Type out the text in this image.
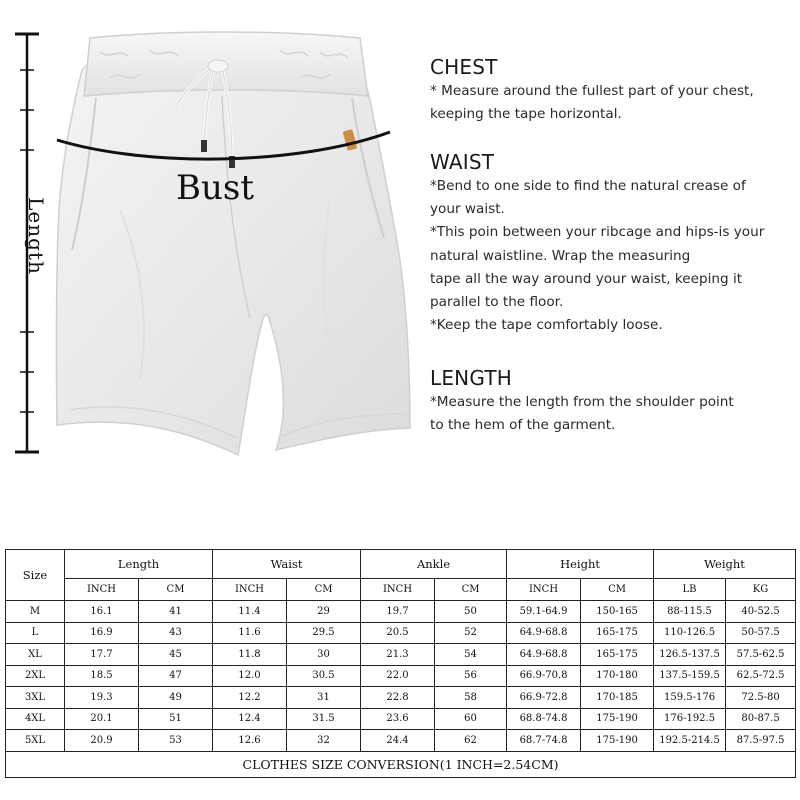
Length
Bust
CHEST
* Measure around the fullest part of your chest,
keeping the tape horizontal.
WAIST
*Bend to one side to find the natural crease of
your waist.
*This poin between your ribcage and hips-is your
natural waistline. Wrap the measuring
tape all the way around your waist, keeping it
parallel to the floor.
*Keep the tape comfortably loose.
LENGTH
*Measure the length from the shoulder point
to the hem of the garment.
Size	Length		Waist		Ankle		Height		Weight	
	INCH	CM	INCH	CM	INCH	CM	INCH	CM	LB	KG
M	16.1	41	11.4	29	19.7	50	59.1-64.9	150-165	88-115.5	40-52.5
L	16.9	43	11.6	29.5	20.5	52	64.9-68.8	165-175	110-126.5	50-57.5
XL	17.7	45	11.8	30	21.3	54	64.9-68.8	165-175	126.5-137.5	57.5-62.5
2XL	18.5	47	12.0	30.5	22.0	56	66.9-70.8	170-180	137.5-159.5	62.5-72.5
3XL	19.3	49	12.2	31	22.8	58	66.9-72.8	170-185	159.5-176	72.5-80
4XL	20.1	51	12.4	31.5	23.6	60	68.8-74.8	175-190	176-192.5	80-87.5
5XL	20.9	53	12.6	32	24.4	62	68.7-74.8	175-190	192.5-214.5	87.5-97.5
CLOTHES SIZE CONVERSION(1 INCH=2.54CM)										
